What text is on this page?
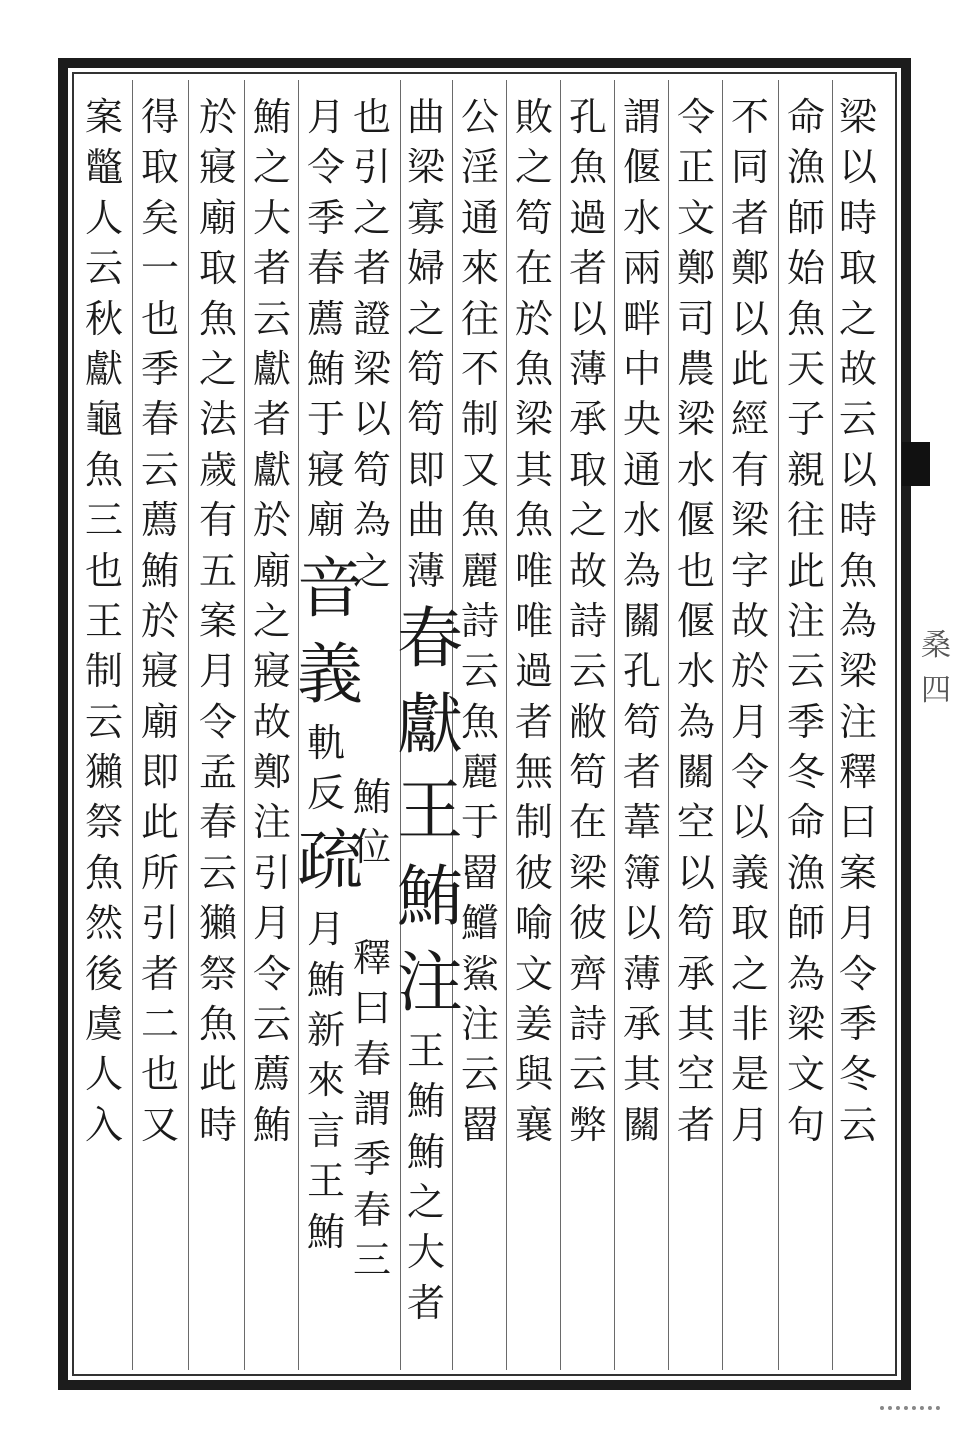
梁
以
時
取
之
故
云
以
時
魚
為
梁
注
釋
曰
案
月
令
季
冬
云
命
漁
師
始
魚
天
子
親
往
此
注
云
季
冬
命
漁
師
為
梁
文
句
不
同
者
鄭
以
此
經
有
梁
字
故
於
月
令
以
義
取
之
非
是
月
令
正
文
鄭
司
農
梁
水
偃
也
偃
水
為
關
空
以
笱
承
其
空
者
謂
偃
水
兩
畔
中
央
通
水
為
關
孔
笱
者
葦
簿
以
薄
承
其
關
孔
魚
過
者
以
薄
承
取
之
故
詩
云
敝
笱
在
梁
彼
齊
詩
云
弊
敗
之
笱
在
於
魚
梁
其
魚
唯
唯
過
者
無
制
彼
喻
文
姜
與
襄
公
淫
通
來
往
不
制
又
魚
麗
詩
云
魚
麗
于
罶
鱨
鯊
注
云
罶
曲
梁
寡
婦
之
笱
笱
即
曲
薄
春
獻
王
鮪
注
王
鮪
鮪
之
大
者
也
引
之
者
證
梁
以
笱
為
之
月
令
季
春
薦
鮪
于
寢
廟
音
義
軌
反
疏
月
鮪
新
來
言
王
鮪
鮪
之
大
者
云
獻
者
獻
於
廟
之
寢
故
鄭
注
引
月
令
云
薦
鮪
於
寢
廟
取
魚
之
法
歲
有
五
案
月
令
孟
春
云
獺
祭
魚
此
時
得
取
矣
一
也
季
春
云
薦
鮪
於
寢
廟
即
此
所
引
者
二
也
又
案
鼈
人
云
秋
獻
龜
魚
三
也
王
制
云
獺
祭
魚
然
後
虞
人
入
鮪
位
釋
曰
春
謂
季
春
三
桑
四
